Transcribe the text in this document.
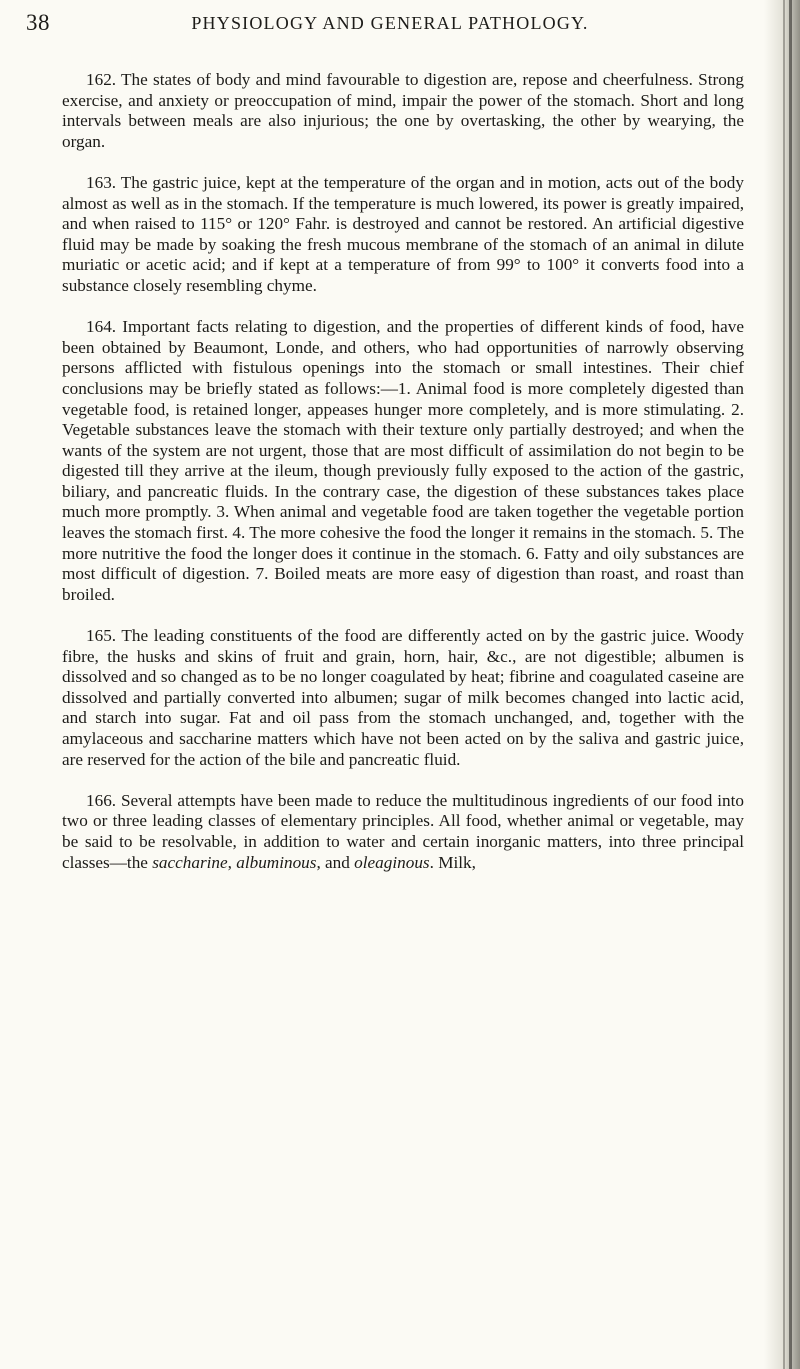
38	PHYSIOLOGY AND GENERAL PATHOLOGY.

162. The states of body and mind favourable to digestion are, repose and cheerfulness. Strong exercise, and anxiety or preoccupation of mind, impair the power of the stomach. Short and long intervals between meals are also injurious; the one by overtasking, the other by wearying, the organ.

163. The gastric juice, kept at the temperature of the organ and in motion, acts out of the body almost as well as in the stomach. If the temperature is much lowered, its power is greatly impaired, and when raised to 115° or 120° Fahr. is destroyed and cannot be restored. An artificial digestive fluid may be made by soaking the fresh mucous membrane of the stomach of an animal in dilute muriatic or acetic acid; and if kept at a temperature of from 99° to 100° it converts food into a substance closely resembling chyme.

164. Important facts relating to digestion, and the properties of different kinds of food, have been obtained by Beaumont, Londe, and others, who had opportunities of narrowly observing persons afflicted with fistulous openings into the stomach or small intestines. Their chief conclusions may be briefly stated as follows:—1. Animal food is more completely digested than vegetable food, is retained longer, appeases hunger more completely, and is more stimulating. 2. Vegetable substances leave the stomach with their texture only partially destroyed; and when the wants of the system are not urgent, those that are most difficult of assimilation do not begin to be digested till they arrive at the ileum, though previously fully exposed to the action of the gastric, biliary, and pancreatic fluids. In the contrary case, the digestion of these substances takes place much more promptly. 3. When animal and vegetable food are taken together the vegetable portion leaves the stomach first. 4. The more cohesive the food the longer it remains in the stomach. 5. The more nutritive the food the longer does it continue in the stomach. 6. Fatty and oily substances are most difficult of digestion. 7. Boiled meats are more easy of digestion than roast, and roast than broiled.

165. The leading constituents of the food are differently acted on by the gastric juice. Woody fibre, the husks and skins of fruit and grain, horn, hair, &c., are not digestible; albumen is dissolved and so changed as to be no longer coagulated by heat; fibrine and coagulated caseine are dissolved and partially converted into albumen; sugar of milk becomes changed into lactic acid, and starch into sugar. Fat and oil pass from the stomach unchanged, and, together with the amylaceous and saccharine matters which have not been acted on by the saliva and gastric juice, are reserved for the action of the bile and pancreatic fluid.

166. Several attempts have been made to reduce the multitudinous ingredients of our food into two or three leading classes of elementary principles. All food, whether animal or vegetable, may be said to be resolvable, in addition to water and certain inorganic matters, into three principal classes—the saccharine, albuminous, and oleaginous. Milk,
